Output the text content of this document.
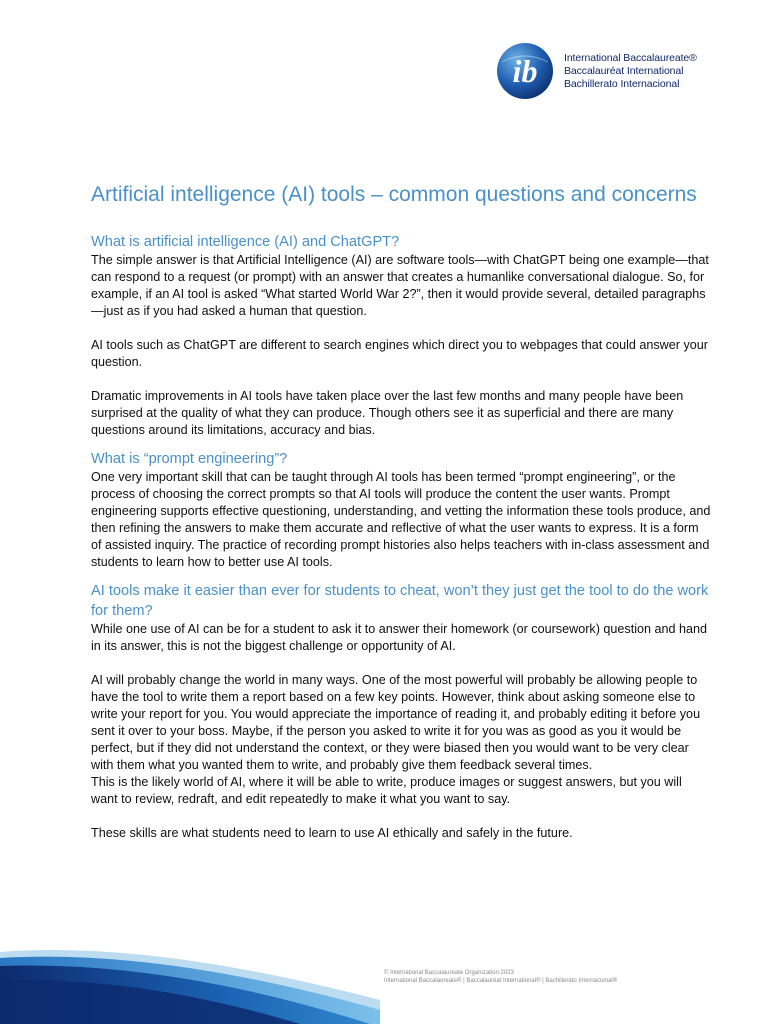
ib	International Baccalaureate®
Baccalauréat International
Bachillerato Internacional
Artificial intelligence (AI) tools – common questions and concerns
What is artificial intelligence (AI) and ChatGPT?

The simple answer is that Artificial Intelligence (AI) are software tools—with ChatGPT being one example—that can respond to a request (or prompt) with an answer that creates a humanlike conversational dialogue. So, for example, if an AI tool is asked “What started World War 2?”, then it would provide several, detailed paragraphs—just as if you had asked a human that question.

AI tools such as ChatGPT are different to search engines which direct you to webpages that could answer your question.

Dramatic improvements in AI tools have taken place over the last few months and many people have been surprised at the quality of what they can produce. Though others see it as superficial and there are many questions around its limitations, accuracy and bias.

What is “prompt engineering”?

One very important skill that can be taught through AI tools has been termed “prompt engineering”, or the process of choosing the correct prompts so that AI tools will produce the content the user wants. Prompt engineering supports effective questioning, understanding, and vetting the information these tools produce, and then refining the answers to make them accurate and reflective of what the user wants to express. It is a form of assisted inquiry. The practice of recording prompt histories also helps teachers with in-class assessment and students to learn how to better use AI tools.

AI tools make it easier than ever for students to cheat, won’t they just get the tool to do the work for them?

While one use of AI can be for a student to ask it to answer their homework (or coursework) question and hand in its answer, this is not the biggest challenge or opportunity of AI.

AI will probably change the world in many ways. One of the most powerful will probably be allowing people to have the tool to write them a report based on a few key points. However, think about asking someone else to write your report for you. You would appreciate the importance of reading it, and probably editing it before you sent it over to your boss. Maybe, if the person you asked to write it for you was as good as you it would be perfect, but if they did not understand the context, or they were biased then you would want to be very clear with them what you wanted them to write, and probably give them feedback several times.

This is the likely world of AI, where it will be able to write, produce images or suggest answers, but you will want to review, redraft, and edit repeatedly to make it what you want to say.

These skills are what students need to learn to use AI ethically and safely in the future.

© International Baccalaureate Organization 2023
International Baccalaureate® | Baccalauréat International® | Bachillerato Internacional®
